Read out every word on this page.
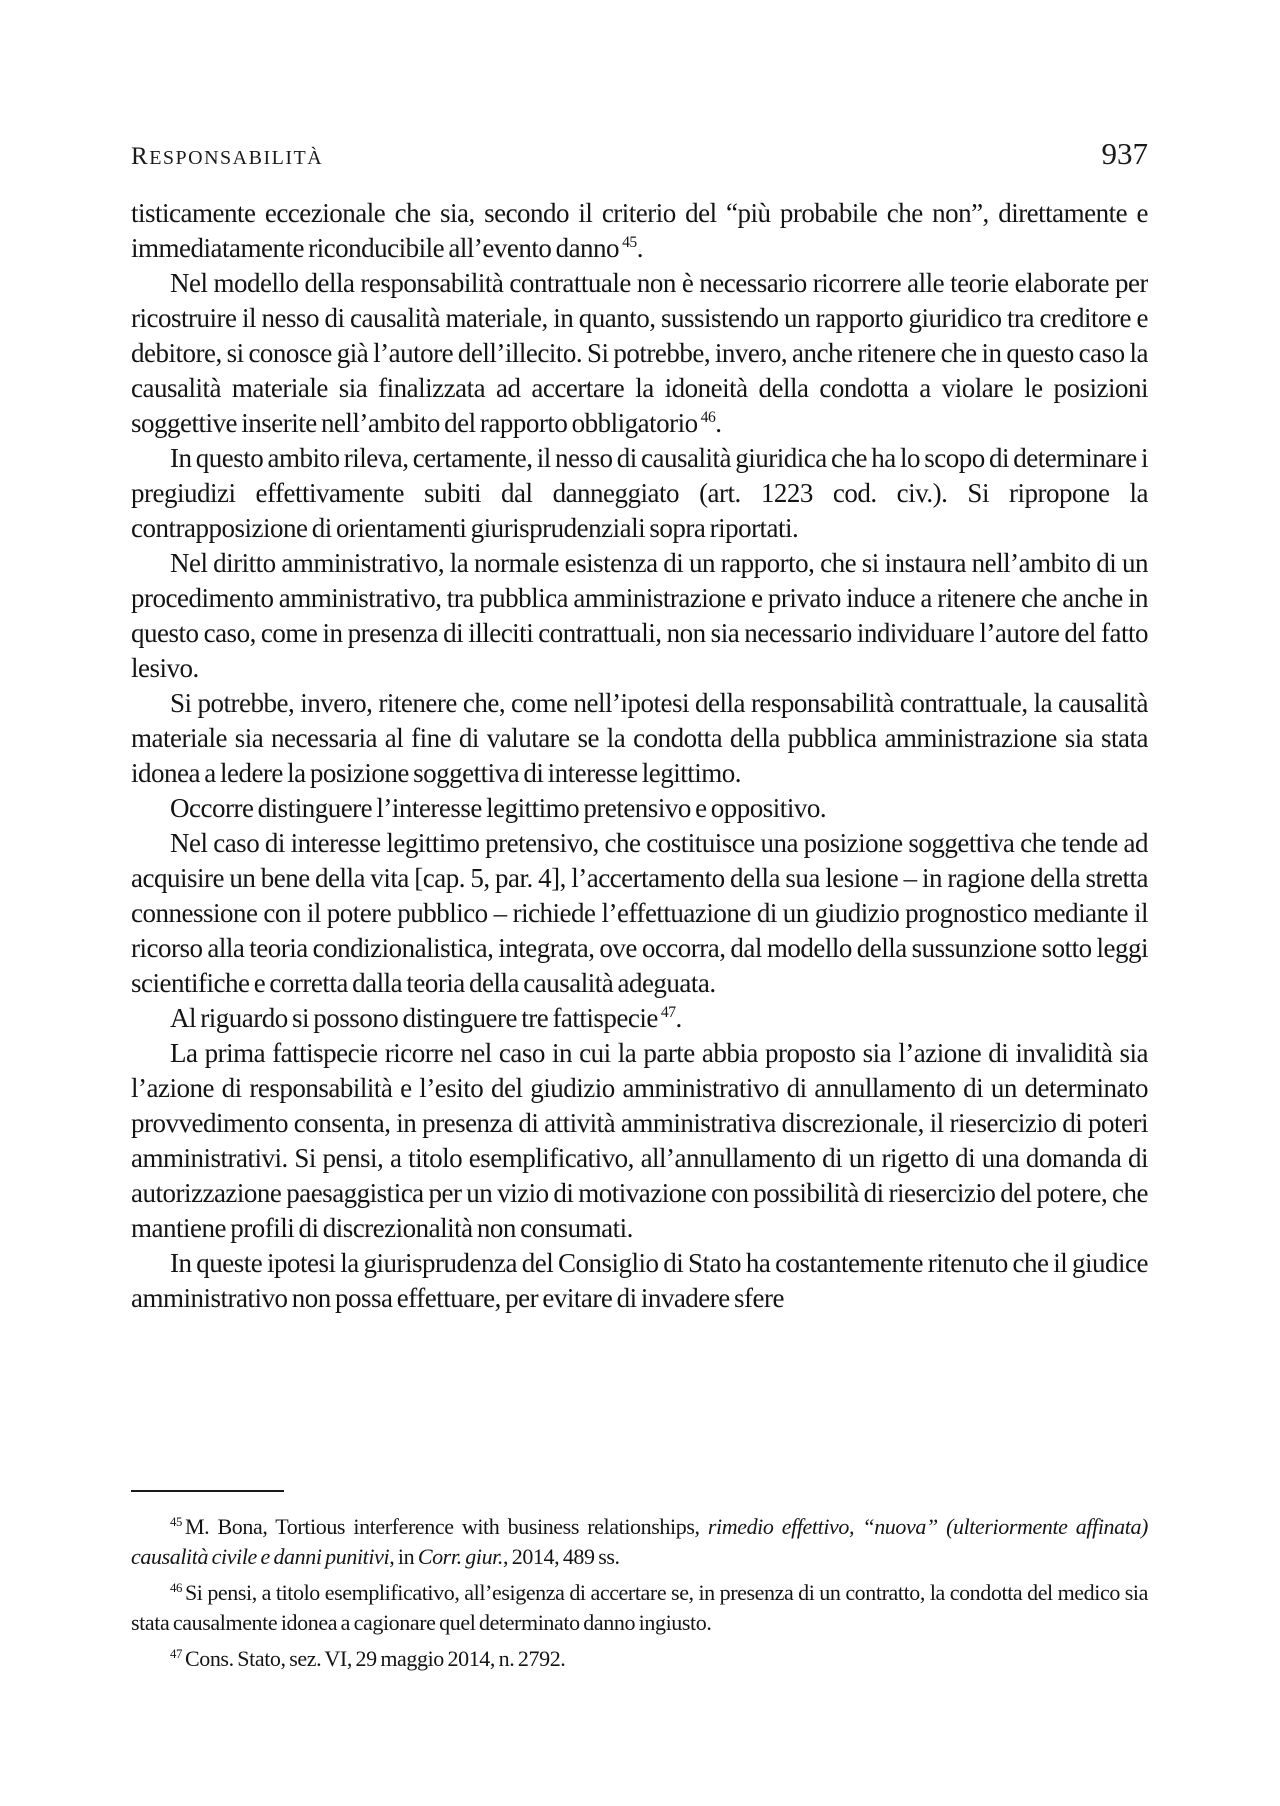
RESPONSABILITÀ	937

tisticamente eccezionale che sia, secondo il criterio del “più probabile che non”, direttamente e immediatamente riconducibile all’evento danno $^{45}$.

Nel modello della responsabilità contrattuale non è necessario ricorrere alle teorie elaborate per ricostruire il nesso di causalità materiale, in quanto, sussistendo un rapporto giuridico tra creditore e debitore, si conosce già l’autore dell’illecito. Si potrebbe, invero, anche ritenere che in questo caso la causalità materiale sia finalizzata ad accertare la idoneità della condotta a violare le posizioni soggettive inserite nell’ambito del rapporto obbligatorio $^{46}$.

In questo ambito rileva, certamente, il nesso di causalità giuridica che ha lo scopo di determinare i pregiudizi effettivamente subiti dal danneggiato (art. 1223 cod. civ.). Si ripropone la contrapposizione di orientamenti giurisprudenziali sopra riportati.

Nel diritto amministrativo, la normale esistenza di un rapporto, che si instaura nell’ambito di un procedimento amministrativo, tra pubblica amministrazione e privato induce a ritenere che anche in questo caso, come in presenza di illeciti contrattuali, non sia necessario individuare l’autore del fatto lesivo.

Si potrebbe, invero, ritenere che, come nell’ipotesi della responsabilità contrattuale, la causalità materiale sia necessaria al fine di valutare se la condotta della pubblica amministrazione sia stata idonea a ledere la posizione soggettiva di interesse legittimo.

Occorre distinguere l’interesse legittimo pretensivo e oppositivo.

Nel caso di interesse legittimo pretensivo, che costituisce una posizione soggettiva che tende ad acquisire un bene della vita [cap. 5, par. 4], l’accertamento della sua lesione – in ragione della stretta connessione con il potere pubblico – richiede l’effettuazione di un giudizio prognostico mediante il ricorso alla teoria condizionalistica, integrata, ove occorra, dal modello della sussunzione sotto leggi scientifiche e corretta dalla teoria della causalità adeguata.

Al riguardo si possono distinguere tre fattispecie $^{47}$.

La prima fattispecie ricorre nel caso in cui la parte abbia proposto sia l’azione di invalidità sia l’azione di responsabilità e l’esito del giudizio amministrativo di annullamento di un determinato provvedimento consenta, in presenza di attività amministrativa discrezionale, il riesercizio di poteri amministrativi. Si pensi, a titolo esemplificativo, all’annullamento di un rigetto di una domanda di autorizzazione paesaggistica per un vizio di motivazione con possibilità di riesercizio del potere, che mantiene profili di discrezionalità non consumati.

In queste ipotesi la giurisprudenza del Consiglio di Stato ha costantemente ritenuto che il giudice amministrativo non possa effettuare, per evitare di invadere sfere

$^{45}$ M. Bona, Tortious interference with business relationships, rimedio effettivo, “nuova” (ulteriormente affinata) causalità civile e danni punitivi, in Corr. giur., 2014, 489 ss.

$^{46}$ Si pensi, a titolo esemplificativo, all’esigenza di accertare se, in presenza di un contratto, la condotta del medico sia stata causalmente idonea a cagionare quel determinato danno ingiusto.

$^{47}$ Cons. Stato, sez. VI, 29 maggio 2014, n. 2792.
